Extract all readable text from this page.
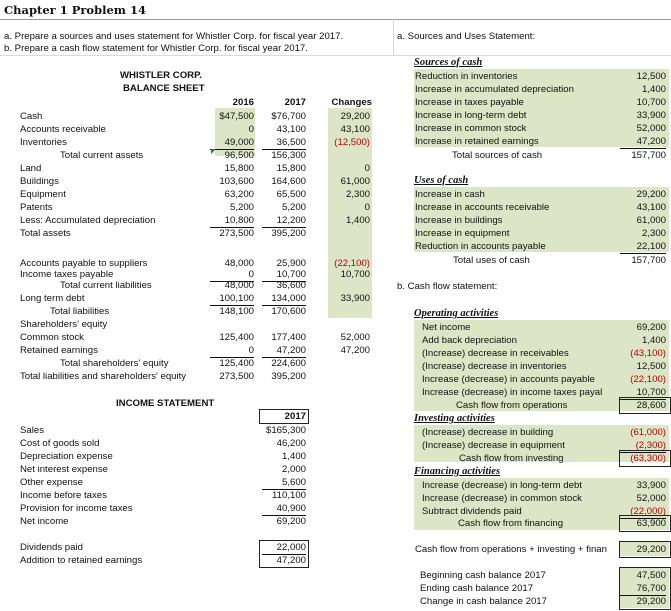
Chapter 1 Problem 14
a. Prepare a sources and uses statement for Whistler Corp. for fiscal year 2017.
b. Prepare a cash flow statement for Whistler Corp. for fiscal year 2017.
WHISTLER CORP.
BALANCE SHEET
2016	2017	Changes
Cash	$47,500	$76,700	29,200
Accounts receivable	0	43,100	43,100
Inventories	49,000	36,500	(12,500)
Total current assets	96,500	156,300
Land	15,800	15,800	0
Buildings	103,600	164,600	61,000
Equipment	63,200	65,500	2,300
Patents	5,200	5,200	0
Less: Accumulated depreciation	10,800	12,200	1,400
Total assets	273,500	395,200
Accounts payable to suppliers	48,000	25,900	(22,100)
Income taxes payable	0	10,700	10,700
Total current liabilities	48,000	36,600
Long term debt	100,100	134,000	33,900
Total liabilities	148,100	170,600
Shareholders' equity
Common stock	125,400	177,400	52,000
Retained earnings	0	47,200	47,200
Total shareholders' equity	125,400	224,600
Total liabilities and shareholders' equity	273,500	395,200
INCOME STATEMENT
2017
Sales	$165,300
Cost of goods sold	46,200
Depreciation expense	1,400
Net interest expense	2,000
Other expense	5,600
Income before taxes	110,100
Provision for income taxes	40,900
Net income	69,200
Dividends paid	22,000
Addition to retained earnings	47,200
a. Sources and Uses Statement:
Sources of cash
Reduction in inventories	12,500
Increase in accumulated depreciation	1,400
Increase in taxes payable	10,700
Increase in long-term debt	33,900
Increase in common stock	52,000
Increase in retained earnings	47,200
Total sources of cash	157,700
Uses of cash
Increase in cash	29,200
Increase in accounts receivable	43,100
Increase in buildings	61,000
Increase in equipment	2,300
Reduction in accounts payable	22,100
Total uses of cash	157,700
b. Cash flow statement:
Operating activities
Net income	69,200
Add back depreciation	1,400
(Increase) decrease in receivables	(43,100)
(Increase) decrease in inventories	12,500
Increase (decrease) in accounts payable	(22,100)
Increase (decrease) in income taxes payal	10,700
Cash flow from operations	28,600
Investing activities
(Increase) decrease in building	(61,000)
(Increase) decrease in equipment	(2,300)
Cash flow from investing	(63,300)
Financing activities
Increase (decrease) in long-term debt	33,900
Increase (decrease) in common stock	52,000
Subtract dividends paid	(22,000)
Cash flow from financing	63,900
Cash flow from operations + investing + finan	29,200
Beginning cash balance 2017	47,500
Ending cash balance 2017	76,700
Change in cash balance 2017	29,200
